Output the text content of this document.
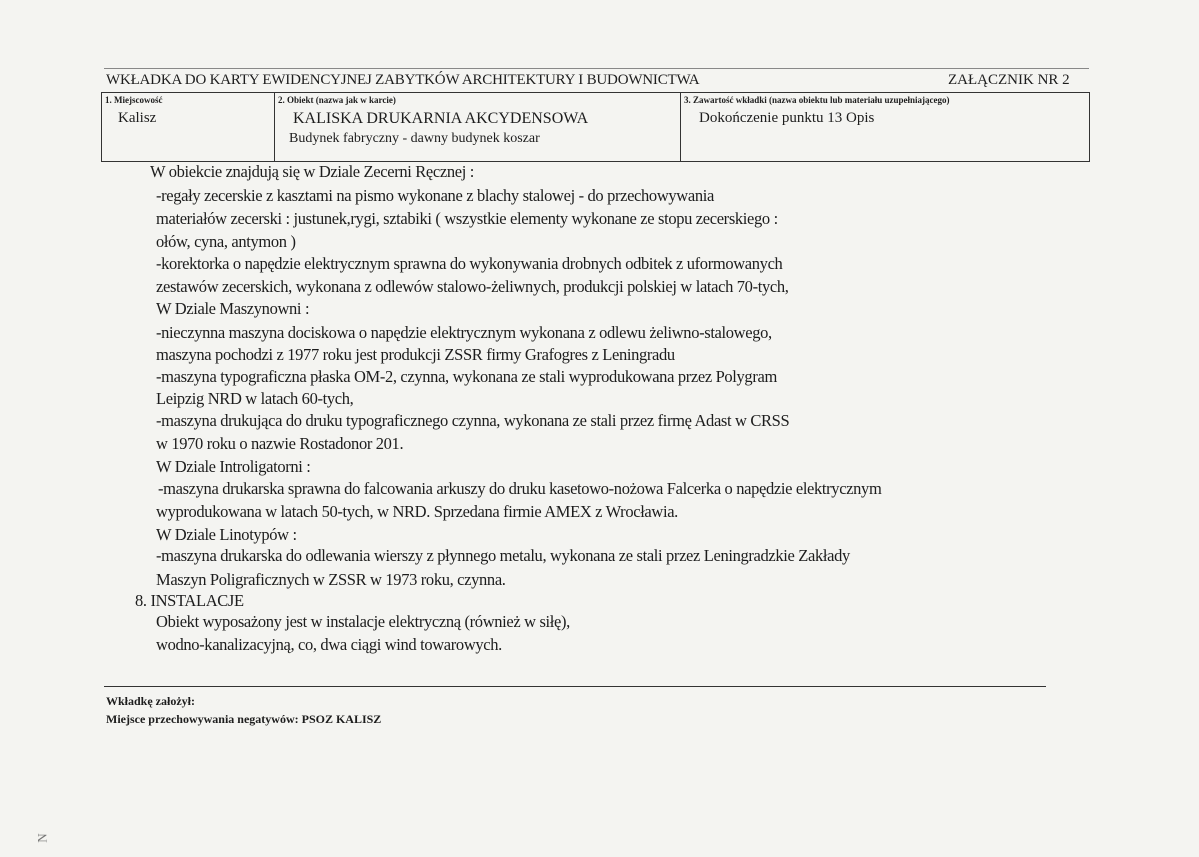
WKŁADKA DO KARTY EWIDENCYJNEJ ZABYTKÓW ARCHITEKTURY I BUDOWNICTWA	ZAŁĄCZNIK NR 2
1. Miejscowość
Kalisz
2. Obiekt (nazwa jak w karcie)
KALISKA DRUKARNIA AKCYDENSOWA
Budynek fabryczny - dawny budynek koszar
3. Zawartość wkładki (nazwa obiektu lub materiału uzupełniającego)
Dokończenie punktu 13 Opis
W obiekcie znajdują się w Dziale Zecerni Ręcznej :
-regały zecerskie z kasztami na pismo wykonane z blachy stalowej - do przechowywania
materiałów zecerski : justunek,rygi, sztabiki ( wszystkie elementy wykonane ze stopu zecerskiego :
ołów, cyna, antymon )
-korektorka o napędzie elektrycznym sprawna do wykonywania drobnych odbitek z uformowanych
zestawów zecerskich, wykonana z odlewów stalowo-żeliwnych, produkcji polskiej w latach 70-tych,
W Dziale Maszynowni :
-nieczynna maszyna dociskowa o napędzie elektrycznym wykonana z odlewu żeliwno-stalowego,
maszyna pochodzi z 1977 roku jest produkcji ZSSR firmy Grafogres z Leningradu
-maszyna typograficzna płaska OM-2, czynna, wykonana ze stali wyprodukowana przez Polygram
Leipzig NRD w latach 60-tych,
-maszyna drukująca do druku typograficznego czynna, wykonana ze stali przez firmę Adast w CRSS
w 1970 roku o nazwie Rostadonor 201.
W Dziale Introligatorni :
-maszyna drukarska sprawna do falcowania arkuszy do druku kasetowo-nożowa Falcerka o napędzie elektrycznym
wyprodukowana w latach 50-tych, w NRD. Sprzedana firmie AMEX z Wrocławia.
W Dziale Linotypów :
-maszyna drukarska do odlewania wierszy z płynnego metalu, wykonana ze stali przez Leningradzkie Zakłady
Maszyn Poligraficznych w ZSSR w 1973 roku, czynna.
8. INSTALACJE
Obiekt wyposażony jest w instalacje elektryczną (również w siłę),
wodno-kanalizacyjną, co, dwa ciągi wind towarowych.
Wkładkę założył:
Miejsce przechowywania negatywów: PSOZ KALISZ
N
